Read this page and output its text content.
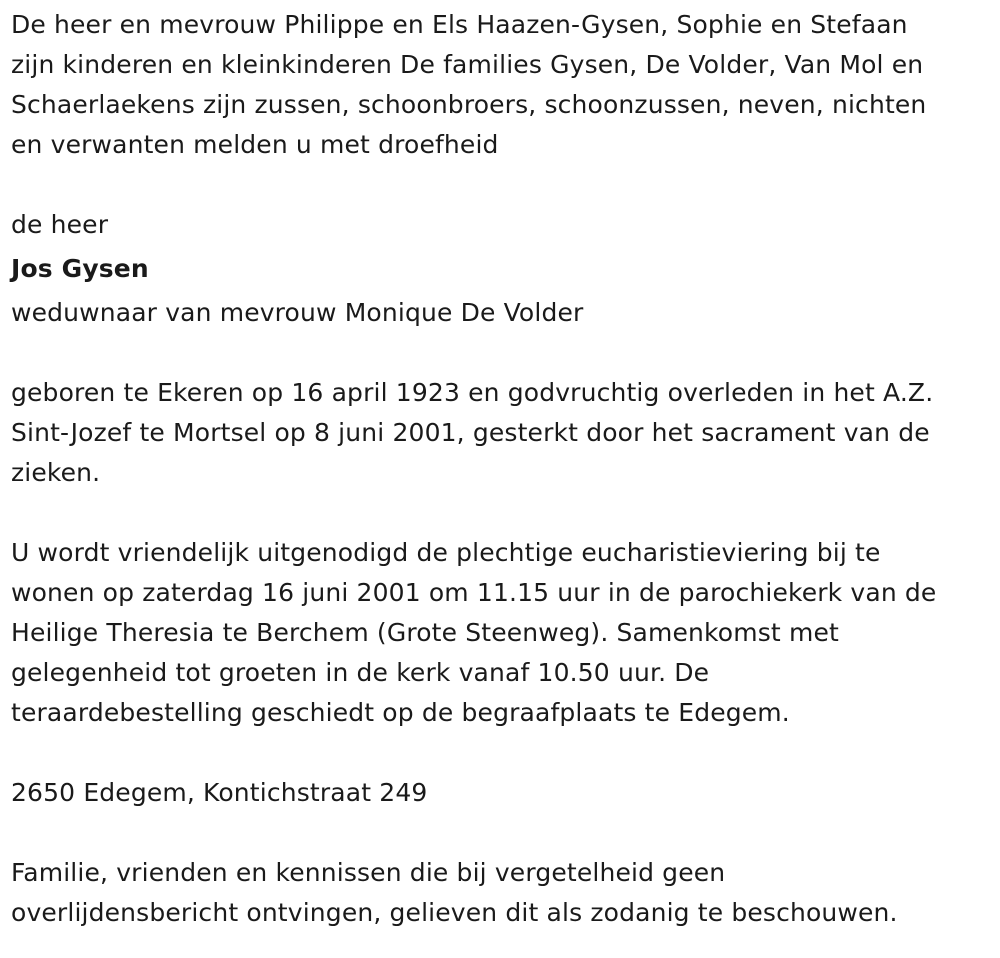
De heer en mevrouw Philippe en Els Haazen-Gysen, Sophie en Stefaan
zijn kinderen en kleinkinderen De families Gysen, De Volder, Van Mol en
Schaerlaekens zijn zussen, schoonbroers, schoonzussen, neven, nichten
en verwanten melden u met droefheid

de heer

Jos Gysen

weduwnaar van mevrouw Monique De Volder

geboren te Ekeren op 16 april 1923 en godvruchtig overleden in het A.Z.
Sint-Jozef te Mortsel op 8 juni 2001, gesterkt door het sacrament van de
zieken.

U wordt vriendelijk uitgenodigd de plechtige eucharistieviering bij te
wonen op zaterdag 16 juni 2001 om 11.15 uur in de parochiekerk van de
Heilige Theresia te Berchem (Grote Steenweg). Samenkomst met
gelegenheid tot groeten in de kerk vanaf 10.50 uur. De
teraardebestelling geschiedt op de begraafplaats te Edegem.

2650 Edegem, Kontichstraat 249

Familie, vrienden en kennissen die bij vergetelheid geen
overlijdensbericht ontvingen, gelieven dit als zodanig te beschouwen.
